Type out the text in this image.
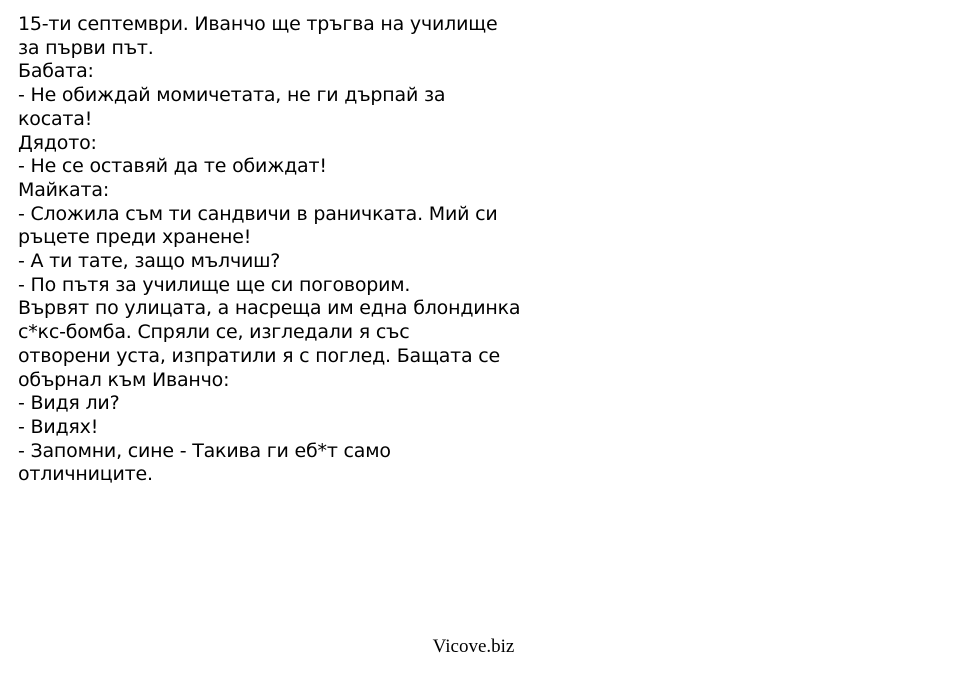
15-ти септември. Иванчо ще тръгва на училище
за първи път.
Бабата:
- Не обиждай момичетата, не ги дърпай за
косата!
Дядото:
- Не се оставяй да те обиждат!
Майката:
- Сложила съм ти сандвичи в раничката. Мий си
ръцете преди хранене!
- А ти тате, защо мълчиш?
- По пътя за училище ще си поговорим.
Вървят по улицата, а насреща им една блондинка
с*кс-бомба. Спряли се, изгледали я със
отворени уста, изпратили я с поглед. Бащата се
обърнал към Иванчо:
- Видя ли?
- Видях!
- Запомни, сине - Такива ги еб*т само
отличниците.
Vicove.biz
